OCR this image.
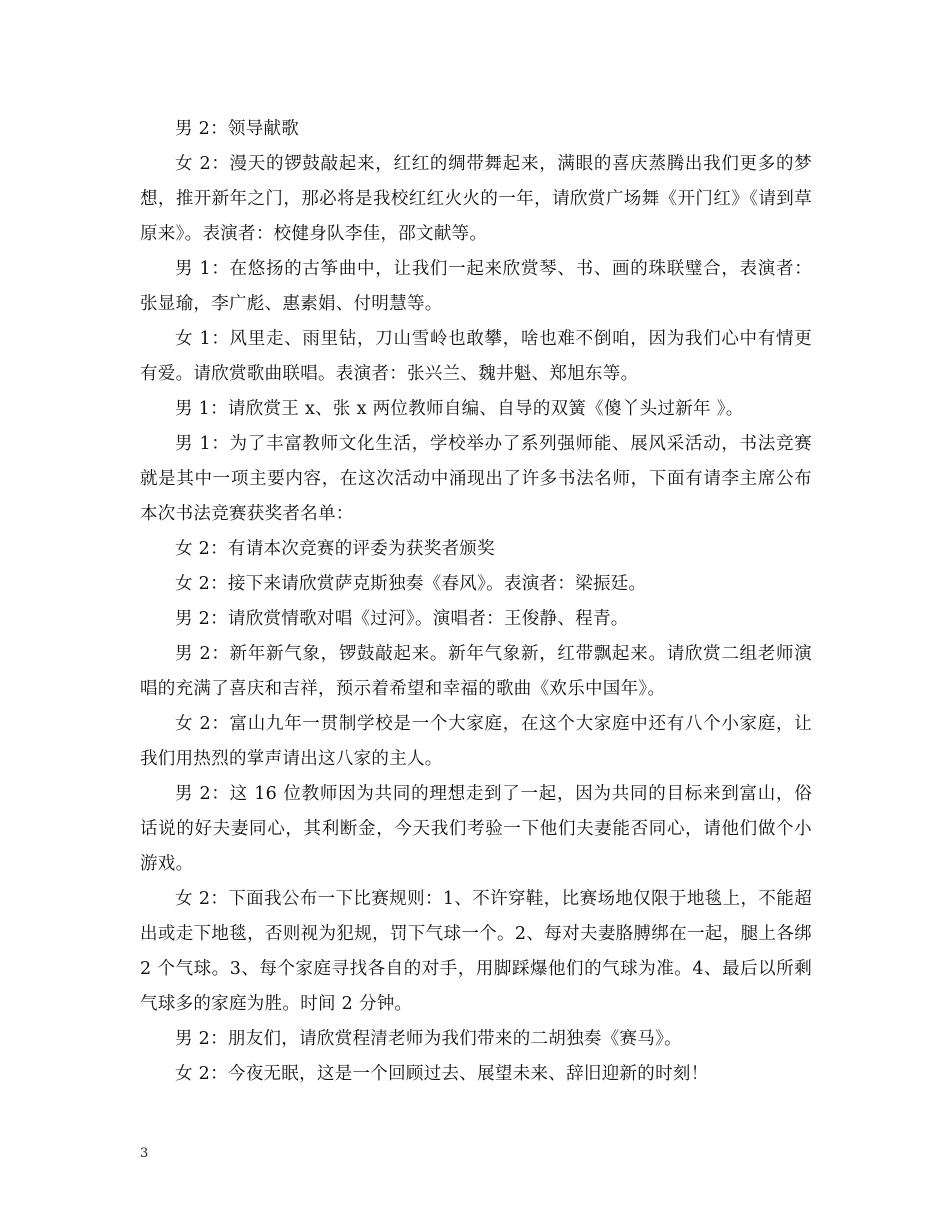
男 2：领导献歌

女 2：漫天的锣鼓敲起来，红红的绸带舞起来，满眼的喜庆蒸腾出我们更多的梦想，推开新年之门，那必将是我校红红火火的一年，请欣赏广场舞《开门红》《请到草原来》。表演者：校健身队李佳，邵文献等。

男 1：在悠扬的古筝曲中，让我们一起来欣赏琴、书、画的珠联璧合，表演者：张显瑜，李广彪、惠素娟、付明慧等。

女 1：风里走、雨里钻，刀山雪岭也敢攀，啥也难不倒咱，因为我们心中有情更有爱。请欣赏歌曲联唱。表演者：张兴兰、魏井魁、郑旭东等。

男 1：请欣赏王 x、张 x 两位教师自编、自导的双簧《傻丫头过新年 》。

男 1：为了丰富教师文化生活，学校举办了系列强师能、展风采活动，书法竞赛就是其中一项主要内容，在这次活动中涌现出了许多书法名师，下面有请李主席公布本次书法竞赛获奖者名单：

女 2：有请本次竞赛的评委为获奖者颁奖

女 2：接下来请欣赏萨克斯独奏《春风》。表演者：梁振廷。

男 2：请欣赏情歌对唱《过河》。演唱者：王俊静、程青。

男 2：新年新气象，锣鼓敲起来。新年气象新，红带飘起来。请欣赏二组老师演唱的充满了喜庆和吉祥，预示着希望和幸福的歌曲《欢乐中国年》。

女 2：富山九年一贯制学校是一个大家庭，在这个大家庭中还有八个小家庭，让我们用热烈的掌声请出这八家的主人。

男 2：这 16 位教师因为共同的理想走到了一起，因为共同的目标来到富山，俗话说的好夫妻同心，其利断金，今天我们考验一下他们夫妻能否同心，请他们做个小游戏。

女 2：下面我公布一下比赛规则：1、不许穿鞋，比赛场地仅限于地毯上，不能超出或走下地毯，否则视为犯规，罚下气球一个。2、每对夫妻胳膊绑在一起，腿上各绑 2 个气球。3、每个家庭寻找各自的对手，用脚踩爆他们的气球为准。4、最后以所剩气球多的家庭为胜。时间 2 分钟。

男 2：朋友们，请欣赏程清老师为我们带来的二胡独奏《赛马》。

女 2：今夜无眠，这是一个回顾过去、展望未来、辞旧迎新的时刻！

3
